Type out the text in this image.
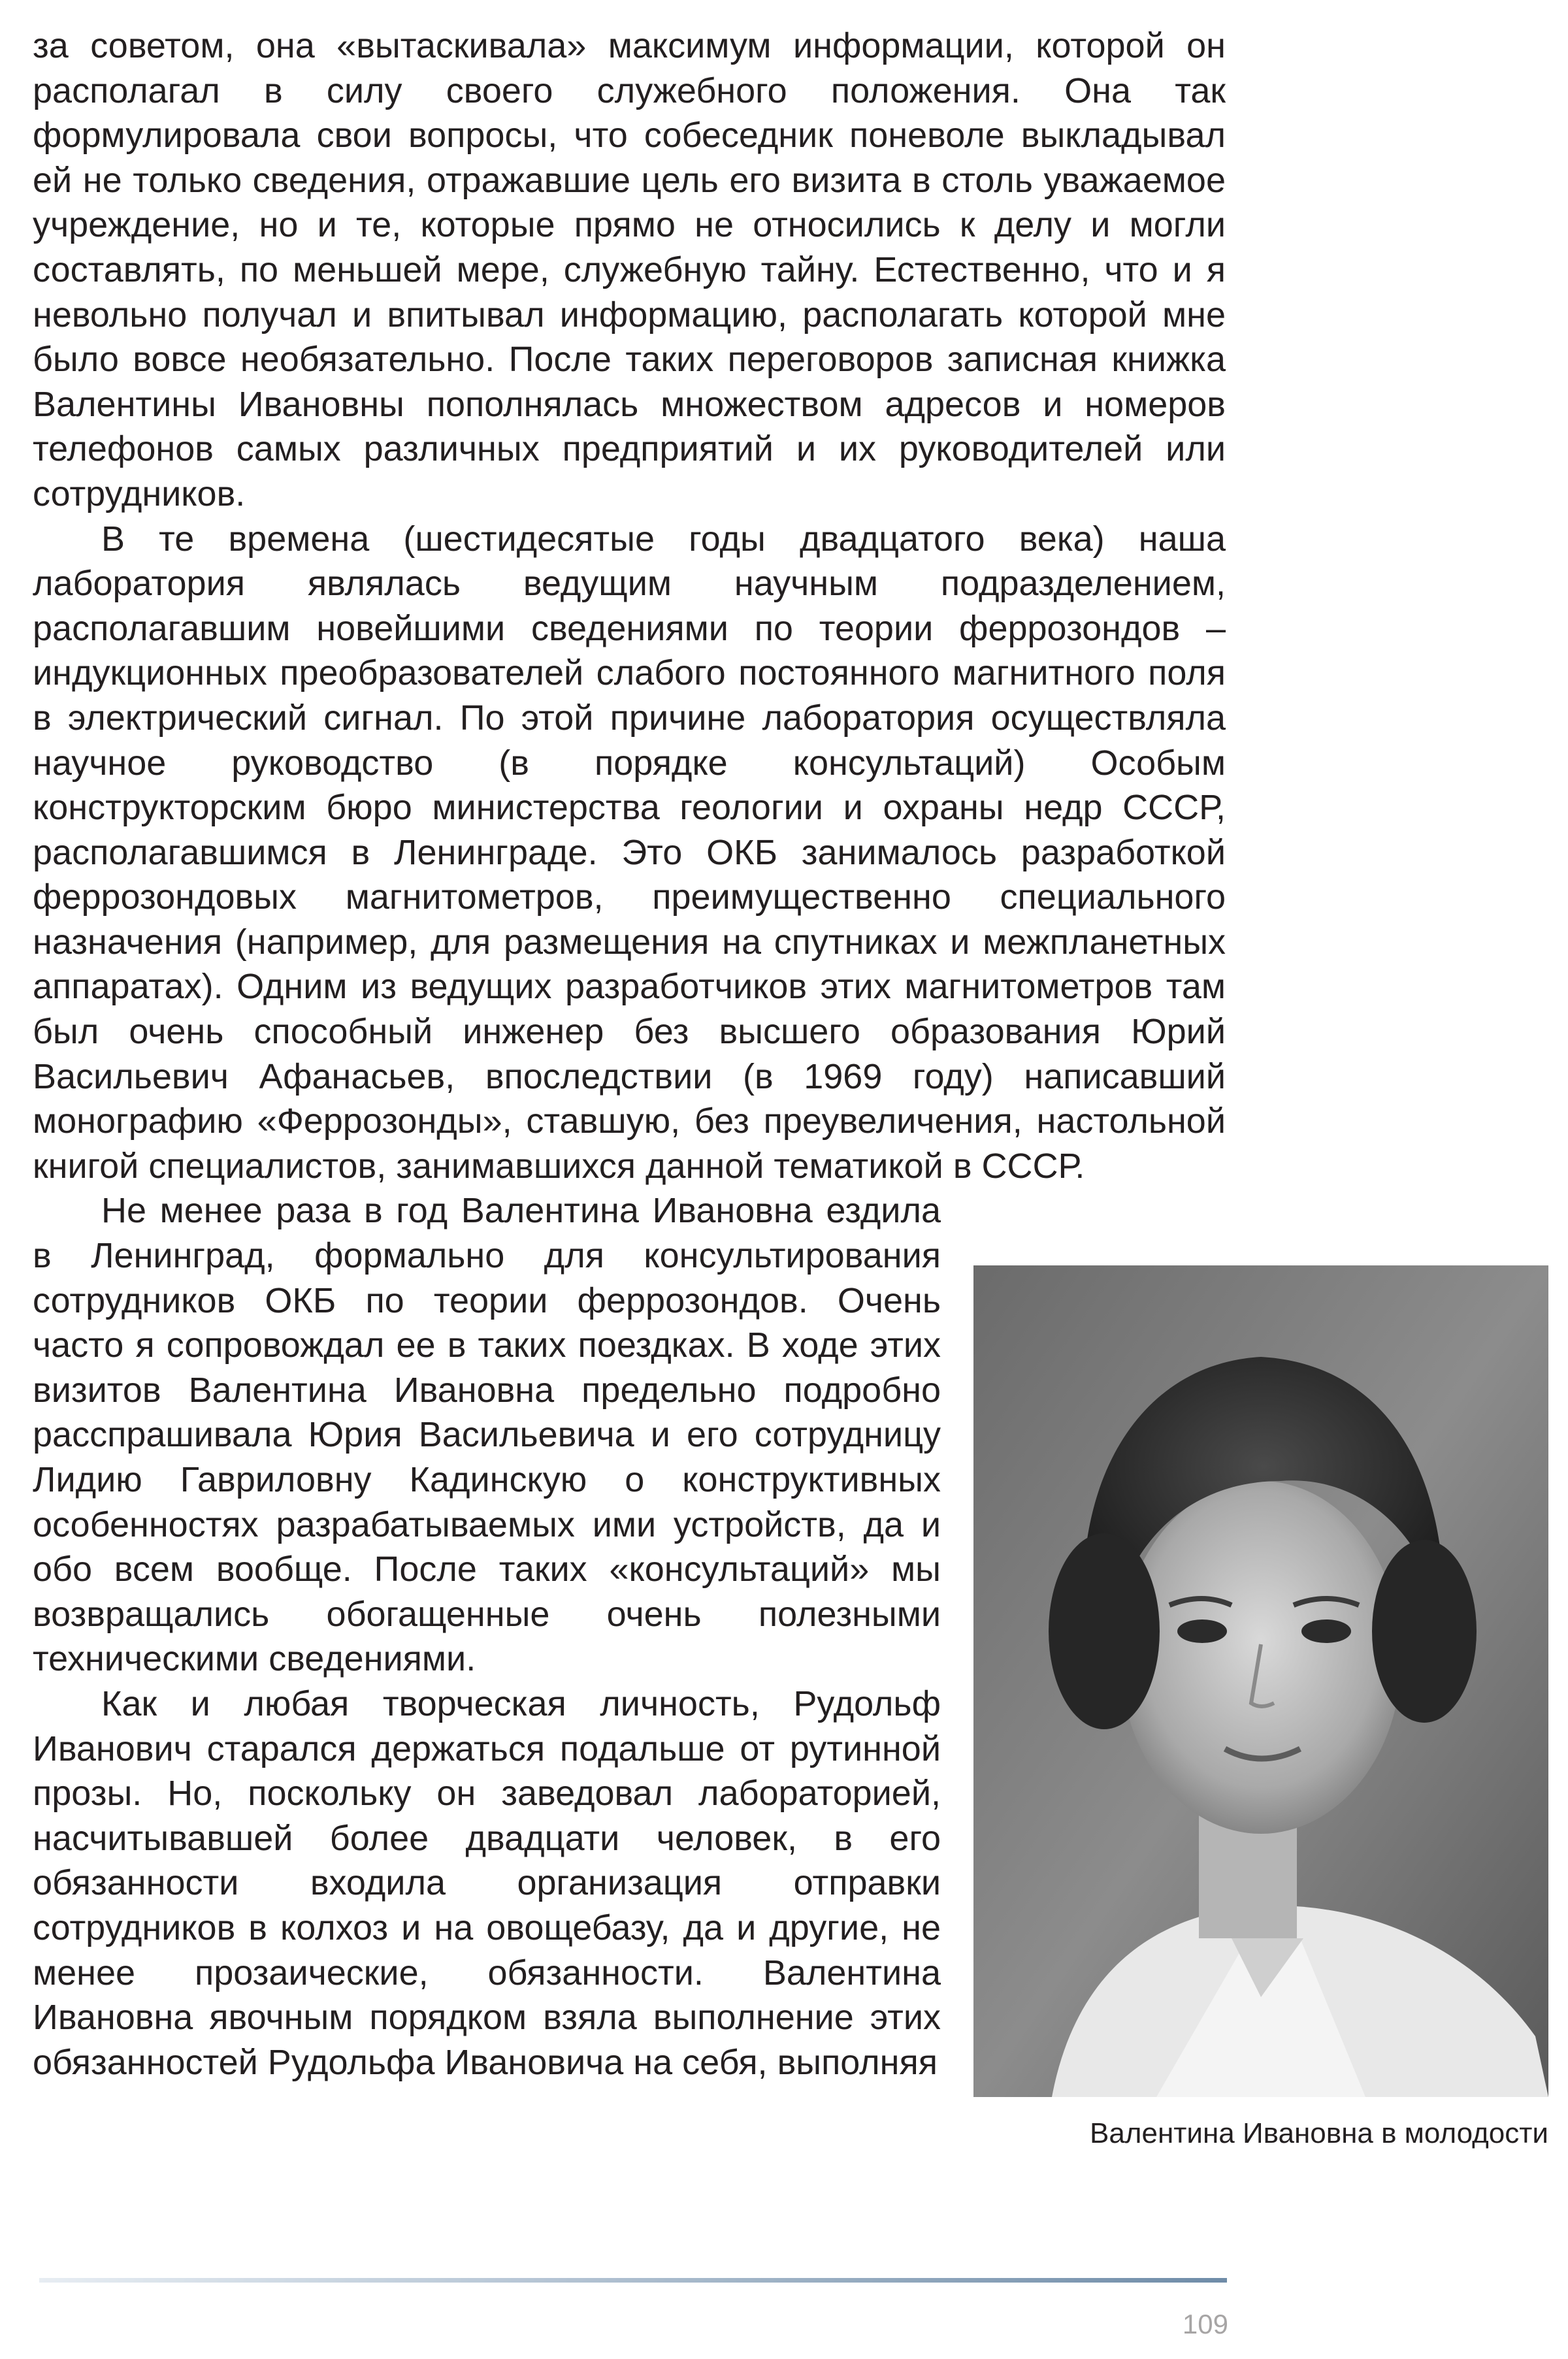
за советом, она «вытаскивала» максимум информации, которой он располагал в силу своего служебного положения. Она так формулировала свои вопросы, что собеседник поневоле выкладывал ей не только сведения, отражавшие цель его визита в столь уважаемое учреждение, но и те, которые прямо не относились к делу и могли составлять, по меньшей мере, служебную тайну. Естественно, что и я невольно получал и впитывал информацию, располагать которой мне было вовсе необязательно. После таких переговоров записная книжка Валентины Ивановны пополнялась множеством адресов и номеров телефонов самых различных предприятий и их руководителей или сотрудников.

В те времена (шестидесятые годы двадцатого века) наша лаборатория являлась ведущим научным подразделением, располагавшим новейшими сведениями по теории феррозондов – индукционных преобразователей слабого постоянного магнитного поля в электрический сигнал. По этой причине лаборатория осуществляла научное руководство (в порядке консультаций) Особым конструкторским бюро министерства геологии и охраны недр СССР, располагавшимся в Ленинграде. Это ОКБ занималось разработкой феррозондовых магнитометров, преимущественно специального назначения (например, для размещения на спутниках и межпланетных аппаратах). Одним из ведущих разработчиков этих магнитометров там был очень способный инженер без высшего образования Юрий Васильевич Афанасьев, впоследствии (в 1969 году) написавший монографию «Феррозонды», ставшую, без преувеличения, настольной книгой специалистов, занимавшихся данной тематикой в СССР.

Не менее раза в год Валентина Ивановна ездила в Ленинград, формально для консультирования сотрудников ОКБ по теории феррозондов. Очень часто я сопровождал ее в таких поездках. В ходе этих визитов Валентина Ивановна предельно подробно расспрашивала Юрия Васильевича и его сотрудницу Лидию Гавриловну Кадинскую о конструктивных особенностях разрабатываемых ими устройств, да и обо всем вообще. После таких «консультаций» мы возвращались обогащенные очень полезными техническими сведениями.

Как и любая творческая личность, Рудольф Иванович старался держаться подальше от рутинной прозы. Но, поскольку он заведовал лабораторией, насчитывавшей более двадцати человек, в его обязанности входила организация отправки сотрудников в колхоз и на овощебазу, да и другие, не менее прозаические, обязанности. Валентина Ивановна явочным порядком взяла выполнение этих обязанностей Рудольфа Ивановича на себя, выполняя

Валентина Ивановна в молодости
109
